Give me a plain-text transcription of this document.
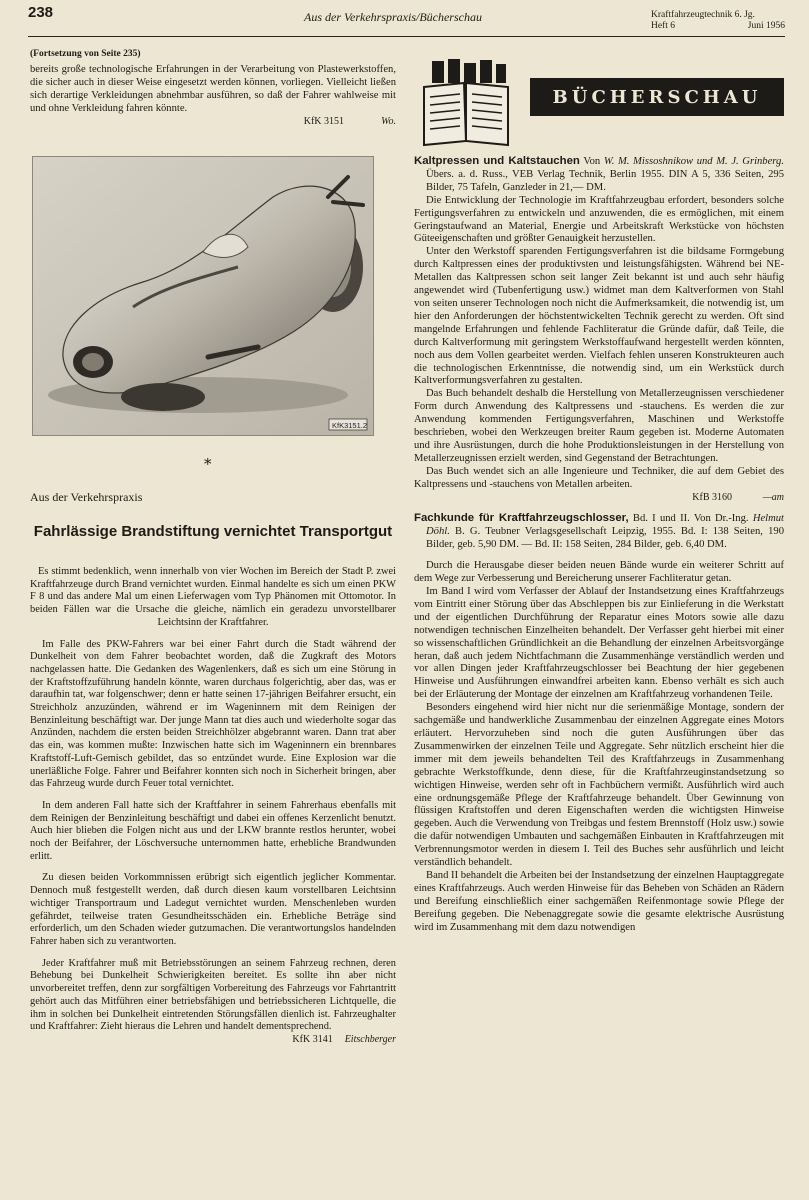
238	Aus der Verkehrspraxis/Bücherschau	Kraftfahrzeugtechnik 6. Jg.
Heft 6	Juni 1956

(Fortsetzung von Seite 235)

bereits große technologische Erfahrungen in der Verarbeitung von Plastewerkstoffen, die sicher auch in dieser Weise eingesetzt werden können, vorliegen. Vielleicht ließen sich derartige Verkleidungen abnehmbar ausführen, so daß der Fahrer wahlweise mit und ohne Verkleidung fahren könnte.

KfK 3151	Wo.
KfK3151.2
*
Aus der Verkehrspraxis
Fahrlässige Brandstiftung vernichtet Transportgut

Es stimmt bedenklich, wenn innerhalb von vier Wochen im Bereich der Stadt P. zwei Kraftfahrzeuge durch Brand vernichtet wurden. Einmal handelte es sich um einen PKW F 8 und das andere Mal um einen Lieferwagen vom Typ Phänomen mit Ottomotor. In beiden Fällen war die Ursache die gleiche, nämlich ein geradezu unvorstellbarer Leichtsinn der Kraftfahrer.

Im Falle des PKW-Fahrers war bei einer Fahrt durch die Stadt während der Dunkelheit von dem Fahrer beobachtet worden, daß die Zugkraft des Motors nachgelassen hatte. Die Gedanken des Wagenlenkers, daß es sich um eine Störung in der Kraftstoffzuführung handeln könnte, waren durchaus folgerichtig, aber das, was er daraufhin tat, war folgenschwer; denn er hatte seinen 17-jährigen Beifahrer ersucht, ein Streichholz anzuzünden, während er im Wageninnern mit dem Reinigen der Benzinleitung beschäftigt war. Der junge Mann tat dies auch und wiederholte sogar das Anzünden, nachdem die ersten beiden Streichhölzer abgebrannt waren. Dann trat aber das ein, was kommen mußte: Inzwischen hatte sich im Wageninnern ein brennbares Kraftstoff-Luft-Gemisch gebildet, das so entzündet wurde. Eine Explosion war die unerläßliche Folge. Fahrer und Beifahrer konnten sich noch in Sicherheit bringen, aber das Fahrzeug wurde durch Feuer total vernichtet.

In dem anderen Fall hatte sich der Kraftfahrer in seinem Fahrerhaus ebenfalls mit dem Reinigen der Benzinleitung beschäftigt und dabei ein offenes Kerzenlicht benutzt. Auch hier blieben die Folgen nicht aus und der LKW brannte restlos herunter, wobei noch der Beifahrer, der Löschversuche unternommen hatte, erhebliche Brandwunden erlitt.

Zu diesen beiden Vorkommnissen erübrigt sich eigentlich jeglicher Kommentar. Dennoch muß festgestellt werden, daß durch diesen kaum vorstellbaren Leichtsinn wichtiger Transportraum und Ladegut vernichtet wurden. Menschenleben wurden gefährdet, teilweise traten Gesundheitsschäden ein. Erhebliche Beträge sind erforderlich, um den Schaden wieder gutzumachen. Die verantwortungslos handelnden Fahrer haben sich zu verantworten.

Jeder Kraftfahrer muß mit Betriebsstörungen an seinem Fahrzeug rechnen, deren Behebung bei Dunkelheit Schwierigkeiten bereitet. Es sollte ihn aber nicht unvorbereitet treffen, denn zur sorgfältigen Vorbereitung des Fahrzeugs vor Fahrtantritt gehört auch das Mitführen einer betriebsfähigen und betriebssicheren Lichtquelle, die ihm in solchen bei Dunkelheit eintretenden Störungsfällen dienlich ist. Fahrzeughalter und Kraftfahrer: Zieht hieraus die Lehren und handelt dementsprechend.

KfK 3141 Eitschberger
BÜCHERSCHAU

Kaltpressen und Kaltstauchen Von W. M. Missoshnikow und M. J. Grinberg. Übers. a. d. Russ., VEB Verlag Technik, Berlin 1955. DIN A 5, 336 Seiten, 295 Bilder, 75 Tafeln, Ganzleder in 21,— DM.

Die Entwicklung der Technologie im Kraftfahrzeugbau erfordert, besonders solche Fertigungsverfahren zu entwickeln und anzuwenden, die es ermöglichen, mit einem Geringstaufwand an Material, Energie und Arbeitskraft Werkstücke von höchsten Güteeigenschaften und größter Genauigkeit herzustellen.

Unter den Werkstoff sparenden Fertigungsverfahren ist die bildsame Formgebung durch Kaltpressen eines der produktivsten und leistungsfähigsten. Während bei NE-Metallen das Kaltpressen schon seit langer Zeit bekannt ist und auch sehr häufig angewendet wird (Tubenfertigung usw.) widmet man dem Kaltverformen von Stahl von seiten unserer Technologen noch nicht die Aufmerksamkeit, die notwendig ist, um hier den Anforderungen der höchstentwickelten Technik gerecht zu werden. Oft sind mangelnde Erfahrungen und fehlende Fachliteratur die Gründe dafür, daß Teile, die durch Kaltverformung mit geringstem Werkstoffaufwand hergestellt werden könnten, noch aus dem Vollen gearbeitet werden. Vielfach fehlen unseren Konstrukteuren auch die technologischen Erkenntnisse, die notwendig sind, um ein Werkstück durch Kaltverformungsverfahren zu gestalten.

Das Buch behandelt deshalb die Herstellung von Metallerzeugnissen verschiedener Form durch Anwendung des Kaltpressens und -stauchens. Es werden die zur Anwendung kommenden Fertigungsverfahren, Maschinen und Werkstoffe beschrieben, wobei den Werkzeugen breiter Raum gegeben ist. Moderne Automaten und ihre Ausrüstungen, durch die hohe Produktionsleistungen in der Herstellung von Metallerzeugnissen erzielt werden, sind Gegenstand der Betrachtungen.

Das Buch wendet sich an alle Ingenieure und Techniker, die auf dem Gebiet des Kaltpressens und -stauchens von Metallen arbeiten.

KfB 3160	—am

Fachkunde für Kraftfahrzeugschlosser, Bd. I und II. Von Dr.-Ing. Helmut Döhl. B. G. Teubner Verlagsgesellschaft Leipzig, 1955. Bd. I: 138 Seiten, 190 Bilder, geb. 5,90 DM. — Bd. II: 158 Seiten, 284 Bilder, geb. 6,40 DM.

Durch die Herausgabe dieser beiden neuen Bände wurde ein weiterer Schritt auf dem Wege zur Verbesserung und Bereicherung unserer Fachliteratur getan.

Im Band I wird vom Verfasser der Ablauf der Instandsetzung eines Kraftfahrzeugs vom Eintritt einer Störung über das Abschleppen bis zur Einlieferung in die Werkstatt und der eigentlichen Durchführung der Reparatur eines Motors sowie alle dazu notwendigen technischen Einzelheiten behandelt. Der Verfasser geht hierbei mit einer so wissenschaftlichen Gründlichkeit an die Behandlung der einzelnen Arbeitsvorgänge heran, daß auch jedem Nichtfachmann die Zusammenhänge verständlich werden und vor allen Dingen jeder Kraftfahrzeugschlosser bei Beachtung der hier gegebenen Hinweise und Ausführungen einwandfrei arbeiten kann. Ebenso verhält es sich auch bei der Erläuterung der Montage der einzelnen am Kraftfahrzeug vorhandenen Teile.

Besonders eingehend wird hier nicht nur die serienmäßige Montage, sondern der sachgemäße und handwerkliche Zusammenbau der einzelnen Aggregate eines Motors erläutert. Hervorzuheben sind noch die guten Ausführungen über das Zusammenwirken der einzelnen Teile und Aggregate. Sehr nützlich erscheint hier die immer mit dem jeweils behandelten Teil des Kraftfahrzeugs in Zusammenhang gebrachte Werkstoffkunde, denn diese, für die Kraftfahrzeuginstandsetzung so wichtigen Hinweise, werden sehr oft in Fachbüchern vermißt. Ausführlich wird auch eine ordnungsgemäße Pflege der Kraftfahrzeuge behandelt. Über Gewinnung von flüssigen Kraftstoffen und deren Eigenschaften werden die wichtigsten Hinweise gegeben. Auch die Verwendung von Treibgas und festem Brennstoff (Holz usw.) sowie die dafür notwendigen Umbauten und sachgemäßen Einbauten in Kraftfahrzeugen mit Verbrennungsmotor werden in diesem I. Teil des Buches sehr ausführlich und leicht verständlich behandelt.

Band II behandelt die Arbeiten bei der Instandsetzung der einzelnen Hauptaggregate eines Kraftfahrzeugs. Auch werden Hinweise für das Beheben von Schäden an Rädern und Bereifung einschließlich einer sachgemäßen Reifenmontage sowie Pflege der Bereifung gegeben. Die Nebenaggregate sowie die gesamte elektrische Ausrüstung wird im Zusammenhang mit dem dazu notwendigen
